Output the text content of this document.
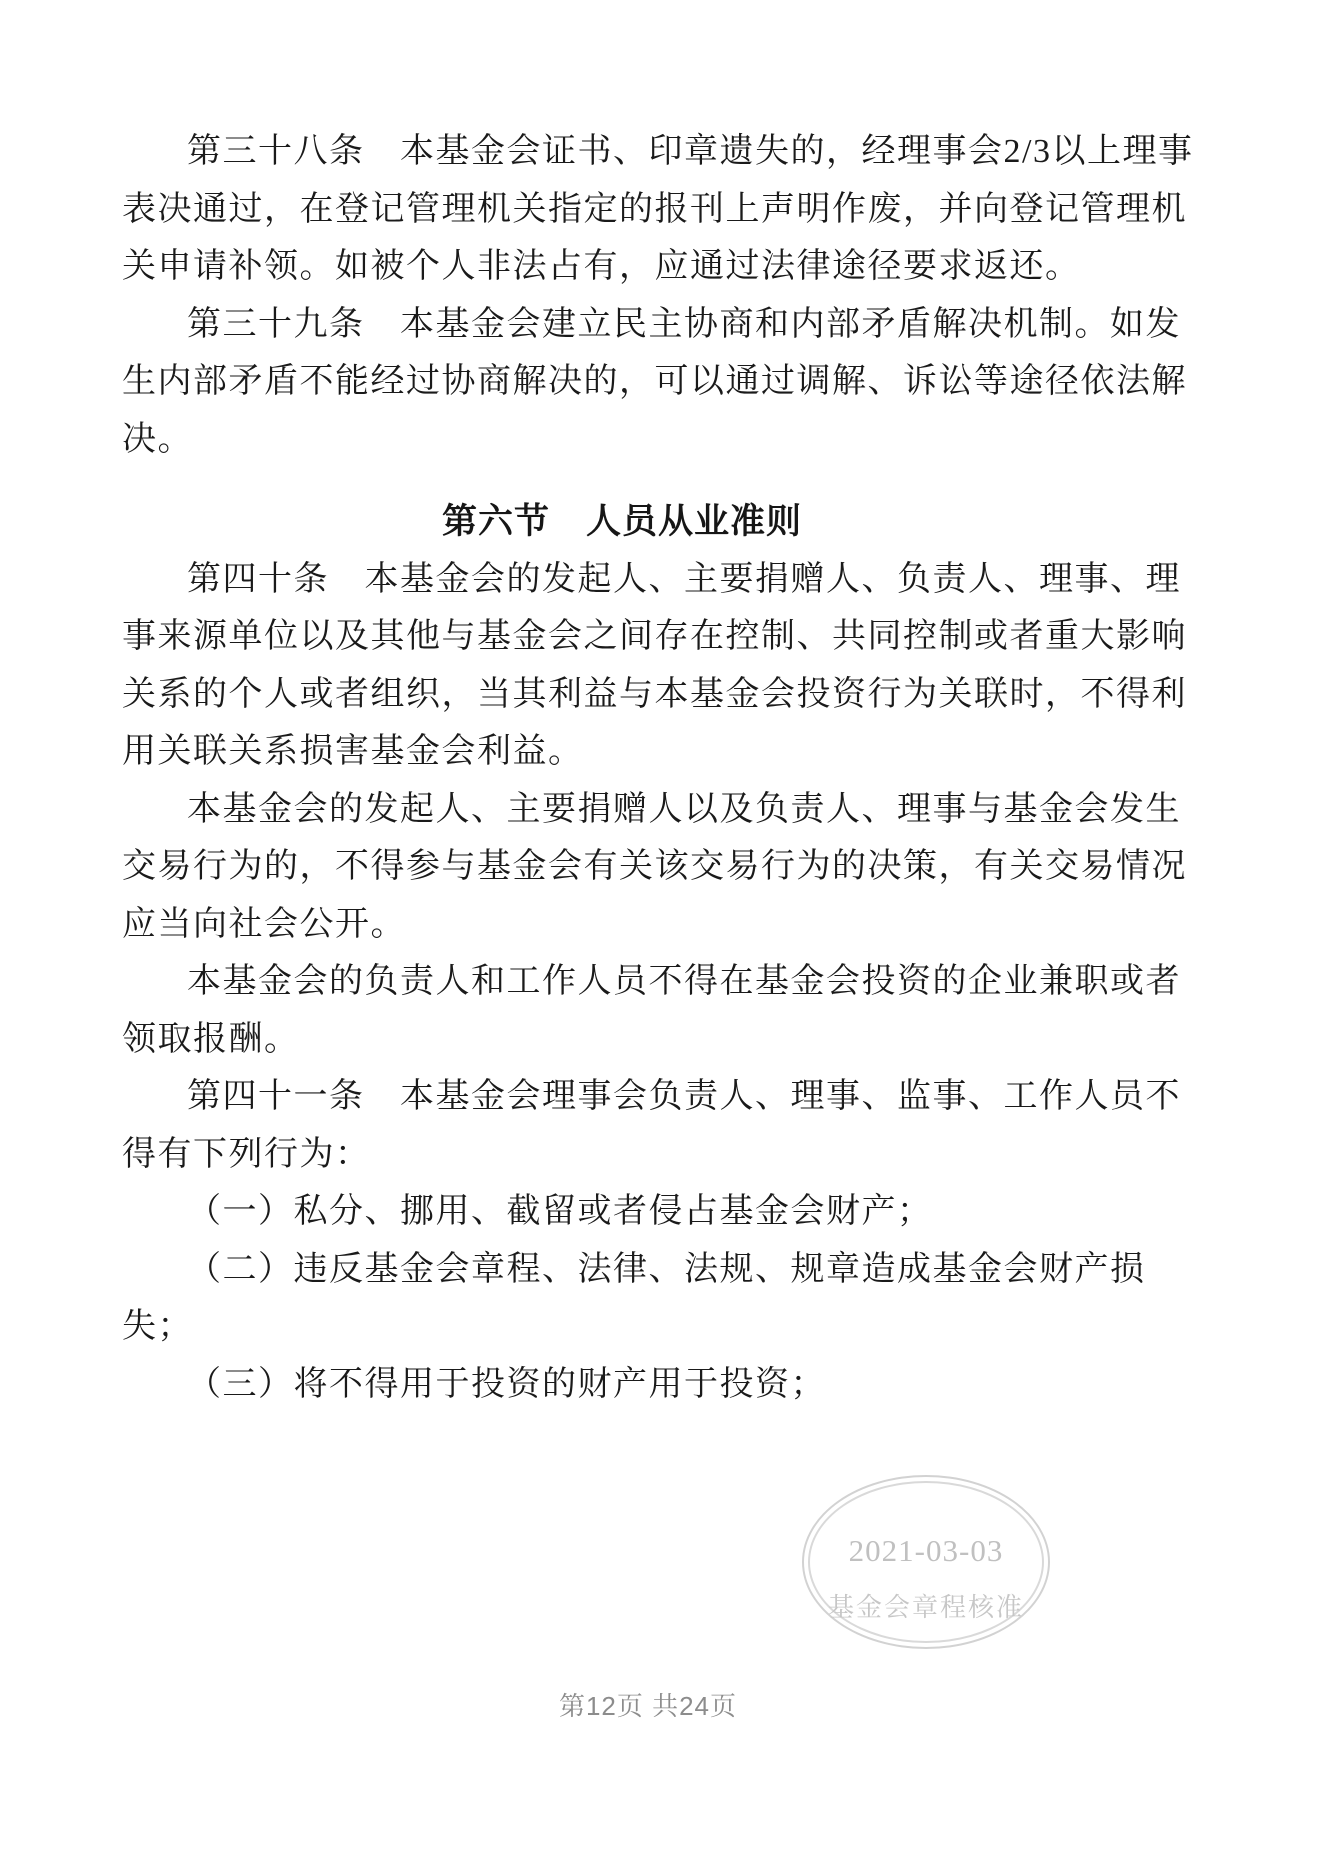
第三十八条　本基金会证书、印章遗失的，经理事会2/3以上理事
表决通过，在登记管理机关指定的报刊上声明作废，并向登记管理机
关申请补领。如被个人非法占有，应通过法律途径要求返还。
第三十九条　本基金会建立民主协商和内部矛盾解决机制。如发
生内部矛盾不能经过协商解决的，可以通过调解、诉讼等途径依法解
决。
第六节　人员从业准则
第四十条　本基金会的发起人、主要捐赠人、负责人、理事、理
事来源单位以及其他与基金会之间存在控制、共同控制或者重大影响
关系的个人或者组织，当其利益与本基金会投资行为关联时，不得利
用关联关系损害基金会利益。
本基金会的发起人、主要捐赠人以及负责人、理事与基金会发生
交易行为的，不得参与基金会有关该交易行为的决策，有关交易情况
应当向社会公开。
本基金会的负责人和工作人员不得在基金会投资的企业兼职或者
领取报酬。
第四十一条　本基金会理事会负责人、理事、监事、工作人员不
得有下列行为：
（一）私分、挪用、截留或者侵占基金会财产；
（二）违反基金会章程、法律、法规、规章造成基金会财产损
失；
（三）将不得用于投资的财产用于投资；
2021-03-03
基金会章程核准
第12页 共24页
